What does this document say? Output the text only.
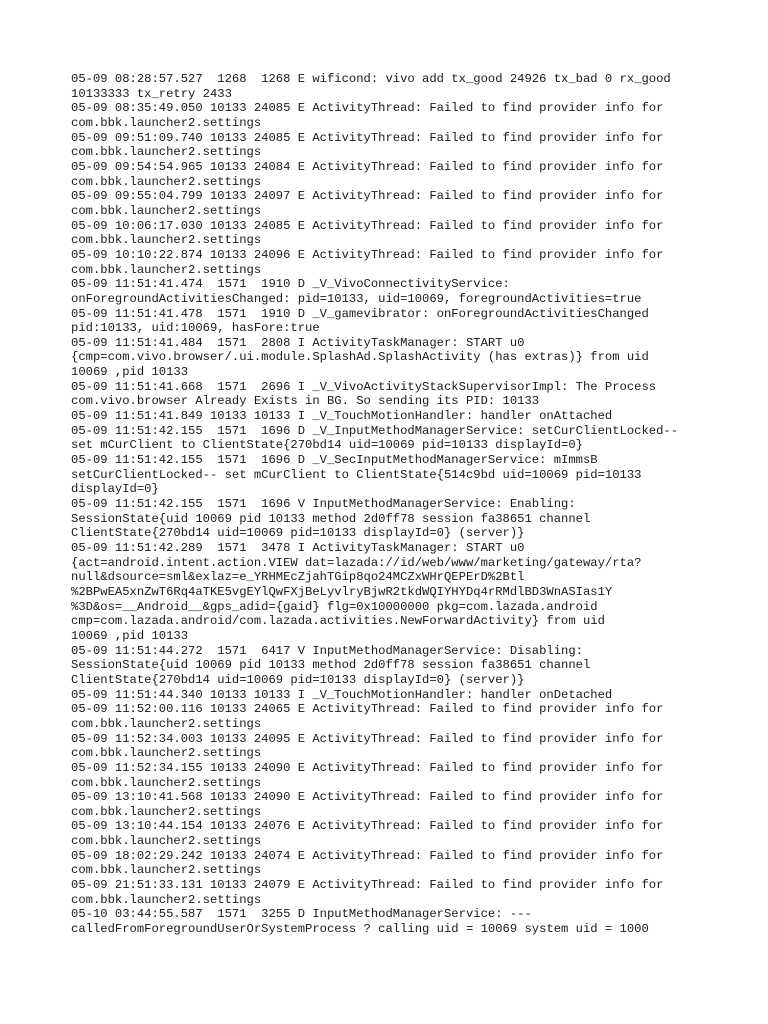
05-09 08:28:57.527  1268  1268 E wificond: vivo add tx_good 24926 tx_bad 0 rx_good
10133333 tx_retry 2433
05-09 08:35:49.050 10133 24085 E ActivityThread: Failed to find provider info for
com.bbk.launcher2.settings
05-09 09:51:09.740 10133 24085 E ActivityThread: Failed to find provider info for
com.bbk.launcher2.settings
05-09 09:54:54.965 10133 24084 E ActivityThread: Failed to find provider info for
com.bbk.launcher2.settings
05-09 09:55:04.799 10133 24097 E ActivityThread: Failed to find provider info for
com.bbk.launcher2.settings
05-09 10:06:17.030 10133 24085 E ActivityThread: Failed to find provider info for
com.bbk.launcher2.settings
05-09 10:10:22.874 10133 24096 E ActivityThread: Failed to find provider info for
com.bbk.launcher2.settings
05-09 11:51:41.474  1571  1910 D _V_VivoConnectivityService:
onForegroundActivitiesChanged: pid=10133, uid=10069, foregroundActivities=true
05-09 11:51:41.478  1571  1910 D _V_gamevibrator: onForegroundActivitiesChanged
pid:10133, uid:10069, hasFore:true
05-09 11:51:41.484  1571  2808 I ActivityTaskManager: START u0
{cmp=com.vivo.browser/.ui.module.SplashAd.SplashActivity (has extras)} from uid
10069 ,pid 10133
05-09 11:51:41.668  1571  2696 I _V_VivoActivityStackSupervisorImpl: The Process
com.vivo.browser Already Exists in BG. So sending its PID: 10133
05-09 11:51:41.849 10133 10133 I _V_TouchMotionHandler: handler onAttached
05-09 11:51:42.155  1571  1696 D _V_InputMethodManagerService: setCurClientLocked--
set mCurClient to ClientState{270bd14 uid=10069 pid=10133 displayId=0}
05-09 11:51:42.155  1571  1696 D _V_SecInputMethodManagerService: mImmsB
setCurClientLocked-- set mCurClient to ClientState{514c9bd uid=10069 pid=10133
displayId=0}
05-09 11:51:42.155  1571  1696 V InputMethodManagerService: Enabling:
SessionState{uid 10069 pid 10133 method 2d0ff78 session fa38651 channel
ClientState{270bd14 uid=10069 pid=10133 displayId=0} (server)}
05-09 11:51:42.289  1571  3478 I ActivityTaskManager: START u0
{act=android.intent.action.VIEW dat=lazada://id/web/www/marketing/gateway/rta?
null&dsource=sml&exlaz=e_YRHMEcZjahTGip8qo24MCZxWHrQEPErD%2Btl
%2BPwEA5xnZwT6Rq4aTKE5vgEYlQwFXjBeLyvlryBjwR2tkdWQIYHYDq4rRMdlBD3WnASIas1Y
%3D&os=__Android__&gps_adid={gaid} flg=0x10000000 pkg=com.lazada.android
cmp=com.lazada.android/com.lazada.activities.NewForwardActivity} from uid
10069 ,pid 10133
05-09 11:51:44.272  1571  6417 V InputMethodManagerService: Disabling:
SessionState{uid 10069 pid 10133 method 2d0ff78 session fa38651 channel
ClientState{270bd14 uid=10069 pid=10133 displayId=0} (server)}
05-09 11:51:44.340 10133 10133 I _V_TouchMotionHandler: handler onDetached
05-09 11:52:00.116 10133 24065 E ActivityThread: Failed to find provider info for
com.bbk.launcher2.settings
05-09 11:52:34.003 10133 24095 E ActivityThread: Failed to find provider info for
com.bbk.launcher2.settings
05-09 11:52:34.155 10133 24090 E ActivityThread: Failed to find provider info for
com.bbk.launcher2.settings
05-09 13:10:41.568 10133 24090 E ActivityThread: Failed to find provider info for
com.bbk.launcher2.settings
05-09 13:10:44.154 10133 24076 E ActivityThread: Failed to find provider info for
com.bbk.launcher2.settings
05-09 18:02:29.242 10133 24074 E ActivityThread: Failed to find provider info for
com.bbk.launcher2.settings
05-09 21:51:33.131 10133 24079 E ActivityThread: Failed to find provider info for
com.bbk.launcher2.settings
05-10 03:44:55.587  1571  3255 D InputMethodManagerService: ---
calledFromForegroundUserOrSystemProcess ? calling uid = 10069 system uid = 1000
